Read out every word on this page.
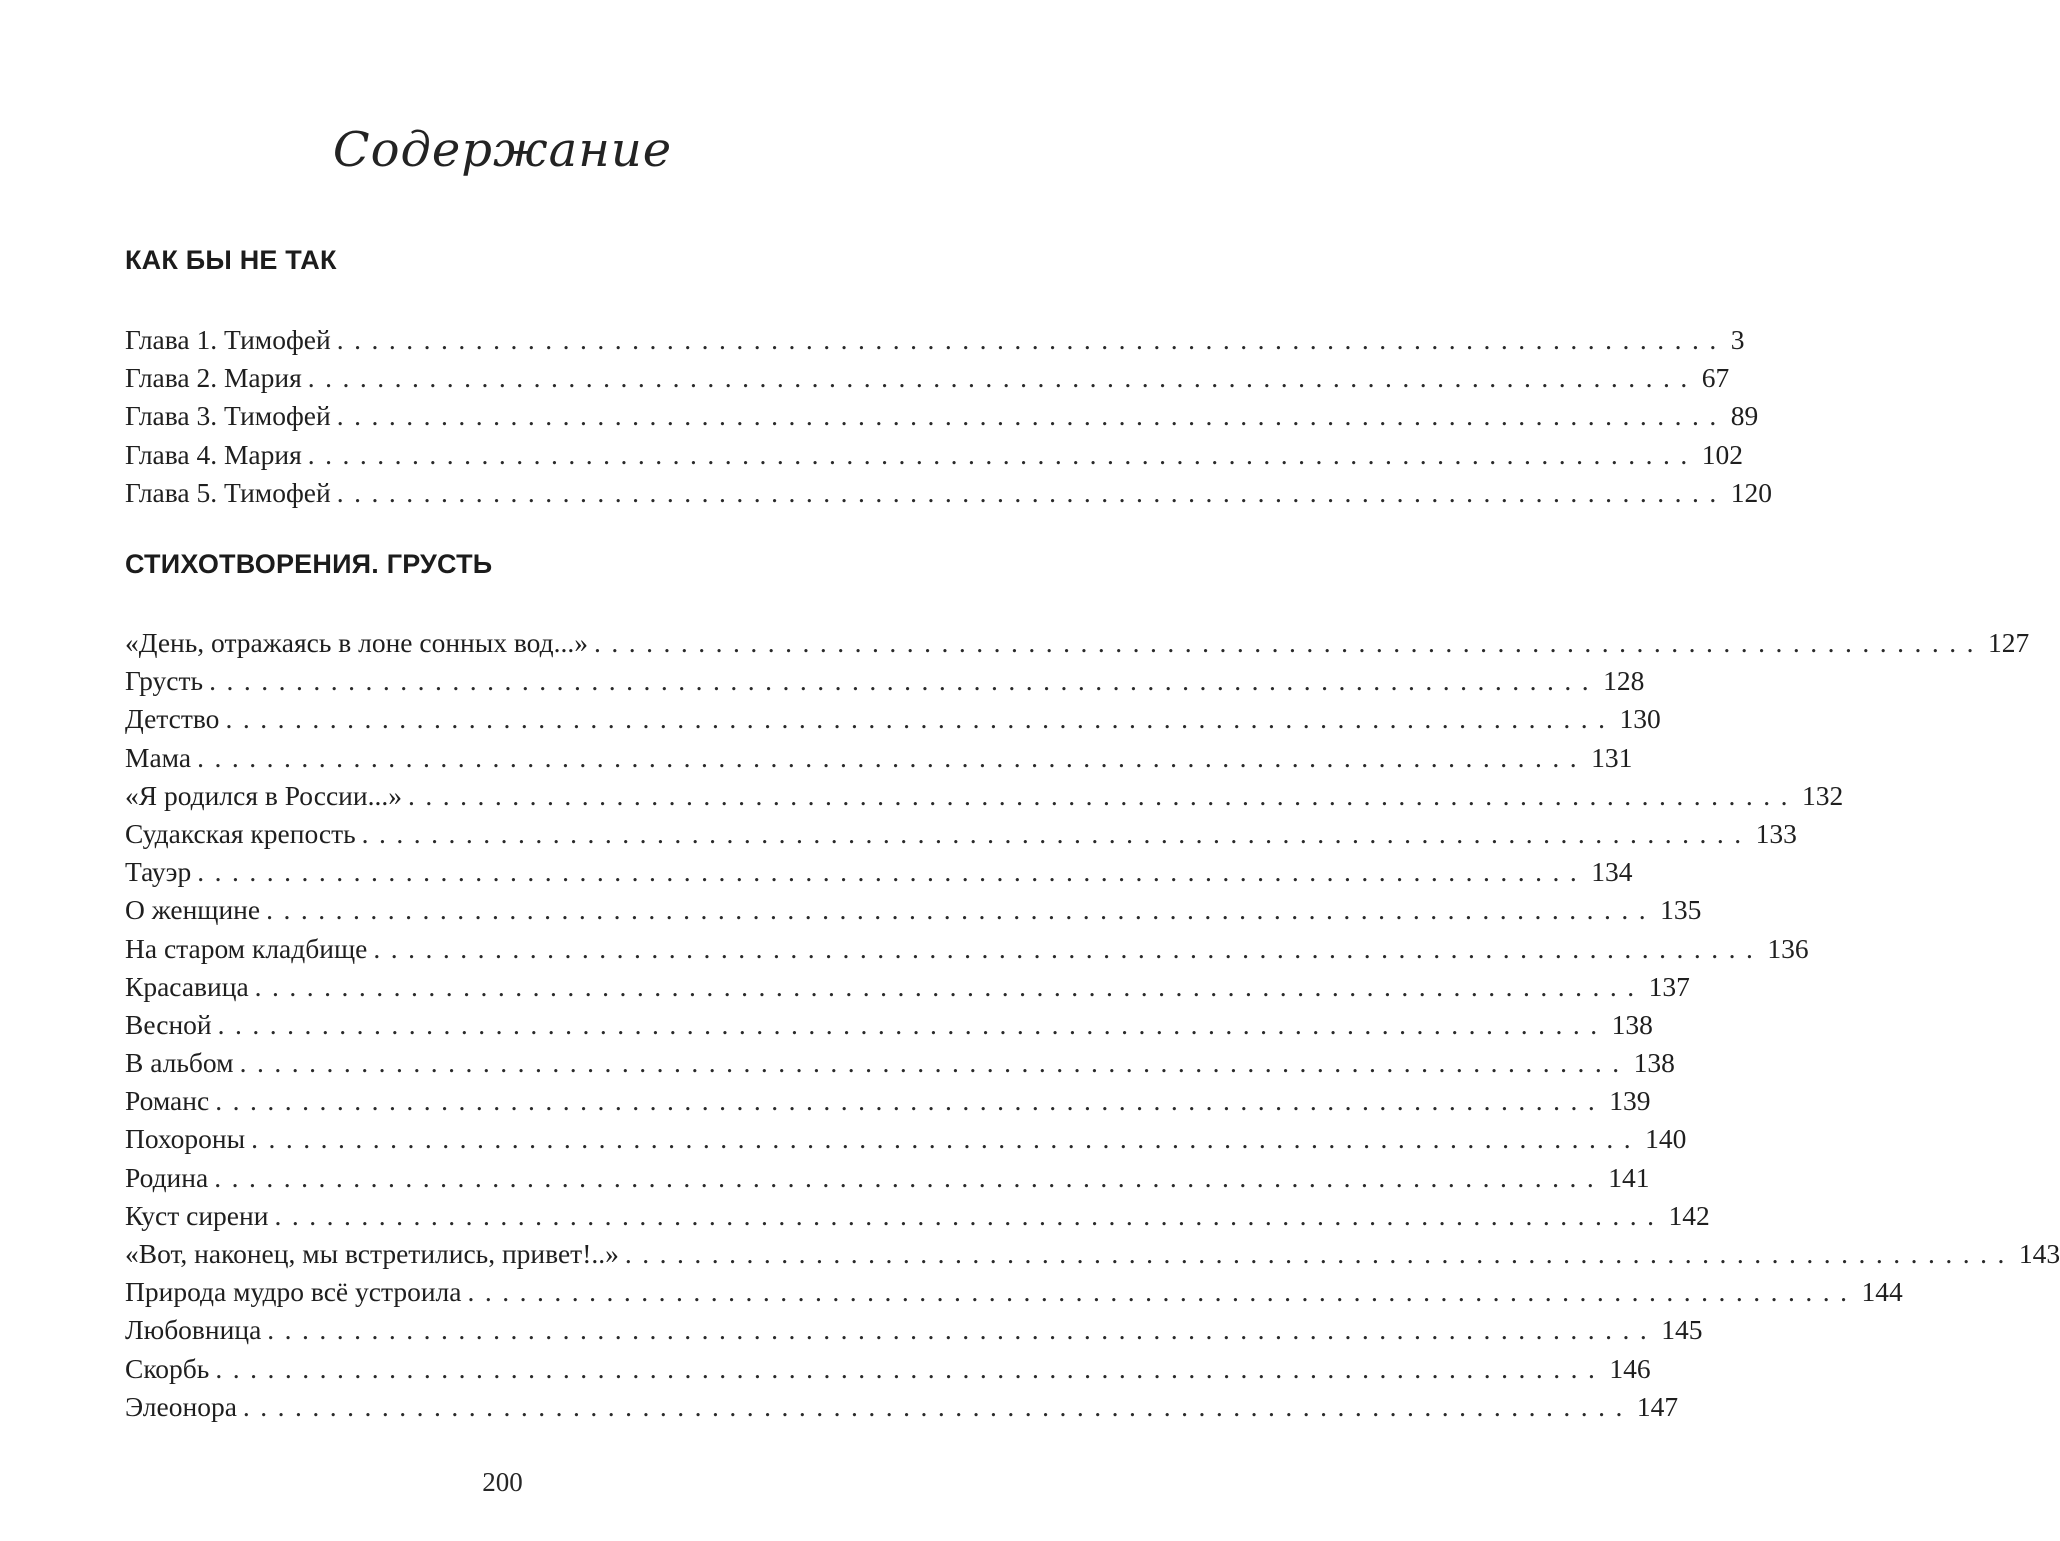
Содержание
КАК БЫ НЕ ТАК
Глава 1. Тимофей ................................................................................ 3
Глава 2. Мария ................................................................................ 67
Глава 3. Тимофей ................................................................................ 89
Глава 4. Мария ................................................................................ 102
Глава 5. Тимофей ................................................................................ 120
СТИХОТВОРЕНИЯ. ГРУСТЬ
«День, отражаясь в лоне сонных вод...» ................................................................................ 127
Грусть ................................................................................ 128
Детство ................................................................................ 130
Мама ................................................................................ 131
«Я родился в России...» ................................................................................ 132
Судакская крепость ................................................................................ 133
Тауэр ................................................................................ 134
О женщине ................................................................................ 135
На старом кладбище ................................................................................ 136
Красавица ................................................................................ 137
Весной ................................................................................ 138
В альбом ................................................................................ 138
Романс ................................................................................ 139
Похороны ................................................................................ 140
Родина ................................................................................ 141
Куст сирени ................................................................................ 142
«Вот, наконец, мы встретились, привет!..» ................................................................................ 143
Природа мудро всё устроила ................................................................................ 144
Любовница ................................................................................ 145
Скорбь ................................................................................ 146
Элеонора ................................................................................ 147
200
